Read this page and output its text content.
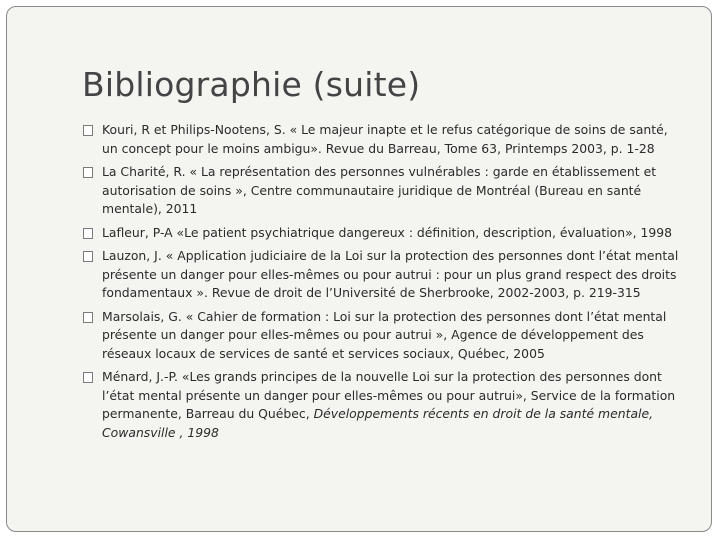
Bibliographie (suite)
Kouri, R et Philips-Nootens, S. « Le majeur inapte et le refus catégorique de soins de santé, un concept pour le moins ambigu». Revue du Barreau, Tome 63, Printemps 2003, p. 1-28
La Charité, R. « La représentation des personnes vulnérables : garde en établissement et autorisation de soins », Centre communautaire juridique de Montréal (Bureau en santé mentale), 2011
Lafleur, P-A «Le patient psychiatrique dangereux : définition, description, évaluation», 1998
Lauzon, J. « Application judiciaire de la Loi sur la protection des personnes dont l’état mental présente un danger pour elles-mêmes ou pour autrui : pour un plus grand respect des droits fondamentaux ». Revue de droit de l’Université de Sherbrooke, 2002-2003, p. 219-315
Marsolais, G. « Cahier de formation : Loi sur la protection des personnes dont l’état mental présente un danger pour elles-mêmes ou pour autrui », Agence de développement des réseaux locaux de services de santé et services sociaux, Québec, 2005
Ménard, J.-P. «Les grands principes de la nouvelle Loi sur la protection des personnes dont l’état mental présente un danger pour elles-mêmes ou pour autrui», Service de la formation permanente, Barreau du Québec, Développements récents en droit de la santé mentale, Cowansville , 1998
